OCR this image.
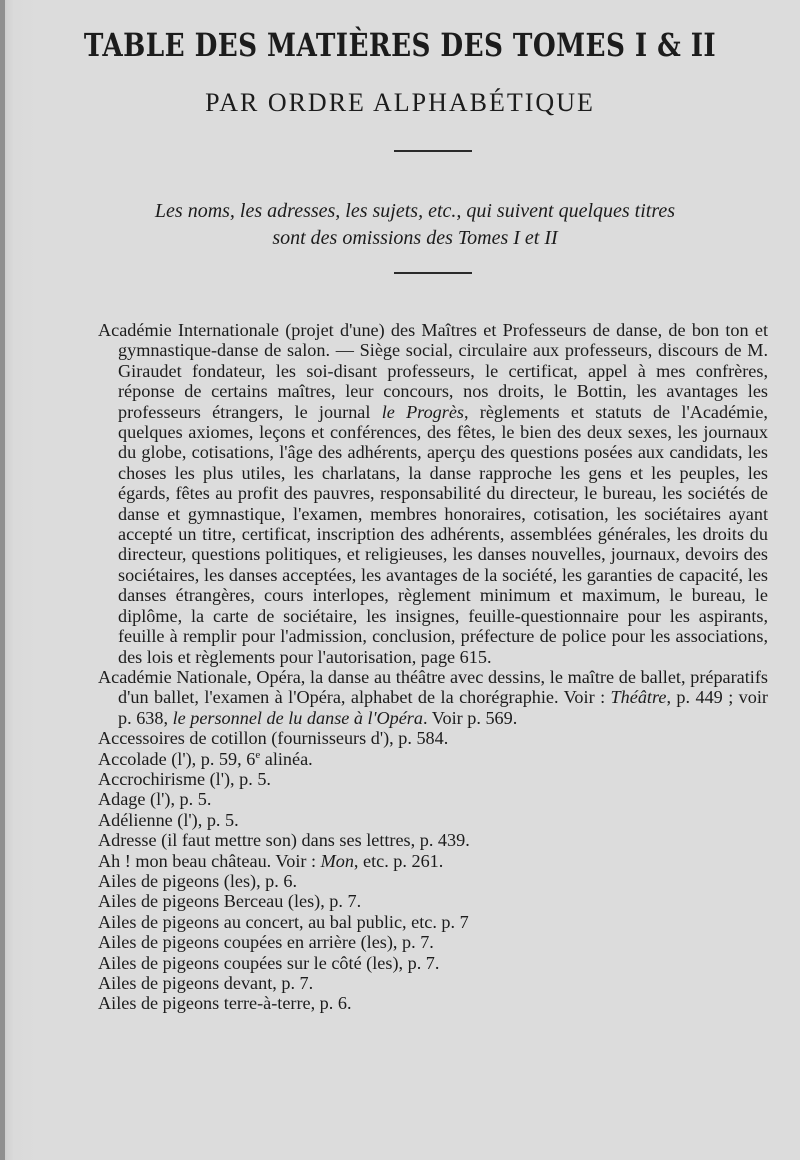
TABLE DES MATIÈRES DES TOMES I & II
PAR ORDRE ALPHABÉTIQUE
Les noms, les adresses, les sujets, etc., qui suivent quelques titres
sont des omissions des Tomes I et II

Académie Internationale (projet d'une) des Maîtres et Professeurs de danse, de bon ton et gymnastique-danse de salon. — Siège social, circulaire aux professeurs, discours de M. Giraudet fondateur, les soi-disant professeurs, le certificat, appel à mes confrères, réponse de certains maîtres, leur concours, nos droits, le Bottin, les avantages les professeurs étrangers, le journal le Progrès, règlements et statuts de l'Académie, quelques axiomes, leçons et conférences, des fêtes, le bien des deux sexes, les journaux du globe, cotisations, l'âge des adhérents, aperçu des questions posées aux candidats, les choses les plus utiles, les charlatans, la danse rapproche les gens et les peuples, les égards, fêtes au profit des pauvres, responsabilité du directeur, le bureau, les sociétés de danse et gymnastique, l'examen, membres honoraires, cotisation, les sociétaires ayant accepté un titre, certificat, inscription des adhérents, assemblées générales, les droits du directeur, questions politiques, et religieuses, les danses nouvelles, journaux, devoirs des sociétaires, les danses acceptées, les avantages de la société, les garanties de capacité, les danses étrangères, cours interlopes, règlement minimum et maximum, le bureau, le diplôme, la carte de sociétaire, les insignes, feuille-questionnaire pour les aspirants, feuille à remplir pour l'admission, conclusion, préfecture de police pour les associations, des lois et règlements pour l'autorisation, page 615.

Académie Nationale, Opéra, la danse au théâtre avec dessins, le maître de ballet, préparatifs d'un ballet, l'examen à l'Opéra, alphabet de la chorégraphie. Voir : Théâtre, p. 449 ; voir p. 638, le personnel de lu danse à l'Opéra. Voir p. 569.

Accessoires de cotillon (fournisseurs d'), p. 584.

Accolade (l'), p. 59, 6e alinéa.

Accrochirisme (l'), p. 5.

Adage (l'), p. 5.

Adélienne (l'), p. 5.

Adresse (il faut mettre son) dans ses lettres, p. 439.

Ah ! mon beau château. Voir : Mon, etc. p. 261.

Ailes de pigeons (les), p. 6.

Ailes de pigeons Berceau (les), p. 7.

Ailes de pigeons au concert, au bal public, etc. p. 7

Ailes de pigeons coupées en arrière (les), p. 7.

Ailes de pigeons coupées sur le côté (les), p. 7.

Ailes de pigeons devant, p. 7.

Ailes de pigeons terre-à-terre, p. 6.
